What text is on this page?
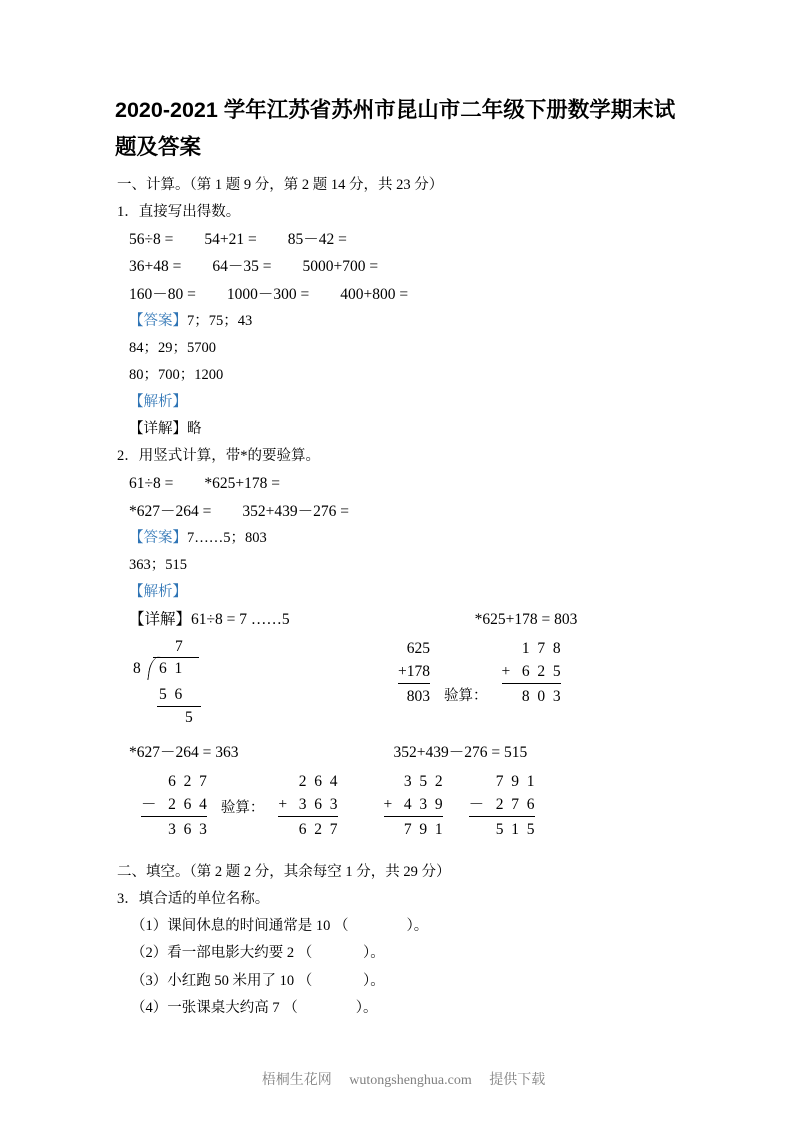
2020-2021 学年江苏省苏州市昆山市二年级下册数学期末试题及答案

一、计算。（第 1 题 9 分，第 2 题 14 分，共 23 分）

1．直接写出得数。

56÷8 =        54+21 =        85－42 =

36+48 =        64－35 =        5000+700 =

160－80 =        1000－300 =        400+800 =

【答案】7；75；43

84；29；5700

80；700；1200

【解析】

【详解】略

2．用竖式计算，带*的要验算。

61÷8 =        *625+178 =

*627－264 =        352+439－276 =

【答案】7……5；803

363；515

【解析】

【详解】61÷8 = 7 ……5	*625+178 = 803
7
8 6  1
5  6
5
625
+178
803 验算：
1  7  8
+   6  2  5
8  0  3
*627－264 = 363	352+439－276 = 515
6  2  7
－   2  6  4
3  6  3
验算：
2  6  4
+   3  6  3
6  2  7
3  5  2
+   4  3  9
7  9  1
7  9  1
－   2  7  6
5  1  5

二、填空。（第 2 题 2 分，其余每空 1 分，共 29 分）

3．填合适的单位名称。

（1）课间休息的时间通常是 10 （                ）。

（2）看一部电影大约要 2 （              ）。

（3）小红跑 50 米用了 10 （              ）。

（4）一张课桌大约高 7 （                ）。

梧桐生花网 wutongshenghua.com 提供下载
